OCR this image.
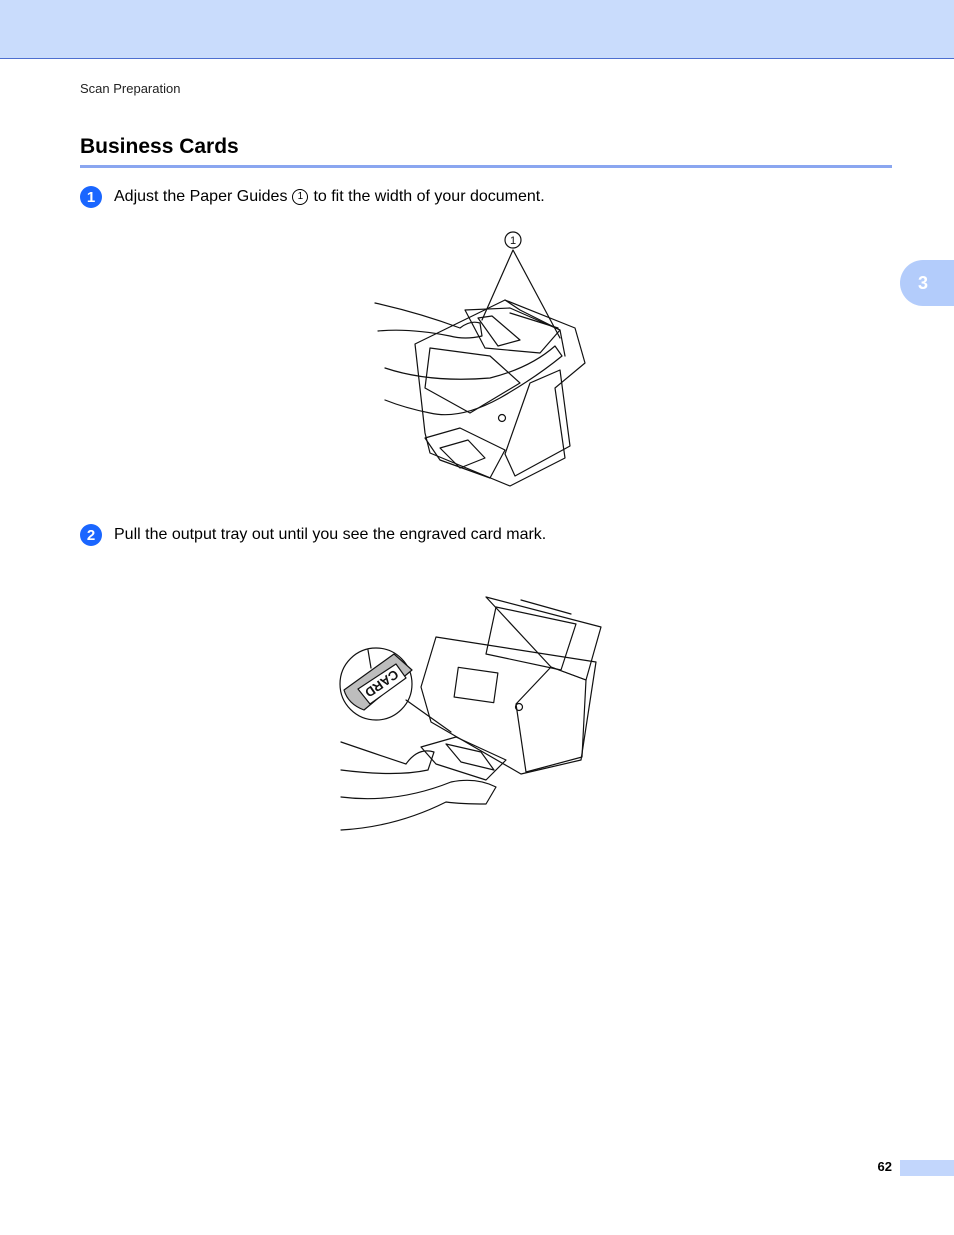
Scan Preparation
Business Cards
1	Adjust the Paper Guides	1 to fit the width of your document.
1
2	Pull the output tray out until you see the engraved card mark.
CARD
3
62
